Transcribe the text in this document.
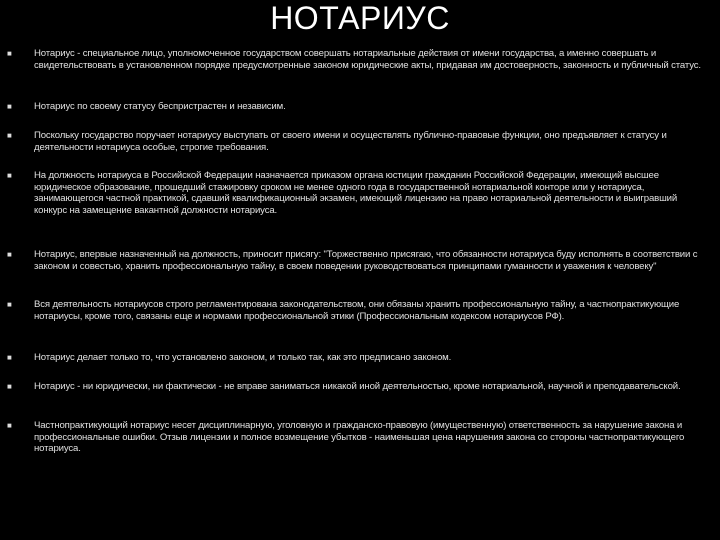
НОТАРИУС
■ Нотариус - специальное лицо, уполномоченное государством совершать нотариальные действия от имени государства, а именно совершать и свидетельствовать в установленном порядке предусмотренные законом юридические акты, придавая им достоверность, законность и публичный статус.
■ Нотариус по своему статусу беспристрастен и независим.
■ Поскольку государство поручает нотариусу выступать от своего имени и осуществлять публично-правовые функции, оно предъявляет к статусу и деятельности нотариуса особые, строгие требования.
■ На должность нотариуса в Российской Федерации назначается приказом органа юстиции гражданин Российской Федерации, имеющий высшее юридическое образование, прошедший стажировку сроком не менее одного года в государственной нотариальной конторе или у нотариуса, занимающегося частной практикой, сдавший квалификационный экзамен, имеющий лицензию на право нотариальной деятельности и выигравший конкурс на замещение вакантной должности нотариуса.
■ Нотариус, впервые назначенный на должность, приносит присягу: "Торжественно присягаю, что обязанности нотариуса буду исполнять в соответствии с законом и совестью, хранить профессиональную тайну, в своем поведении руководствоваться принципами гуманности и уважения к человеку"
■ Вся деятельность нотариусов строго регламентирована законодательством, они обязаны хранить профессиональную тайну, а частнопрактикующие нотариусы, кроме того, связаны еще и нормами профессиональной этики (Профессиональным кодексом нотариусов РФ).
■ Нотариус делает только то, что установлено законом, и только так, как это предписано законом.
■ Нотариус - ни юридически, ни фактически - не вправе заниматься никакой иной деятельностью, кроме нотариальной, научной и преподавательской.
■ Частнопрактикующий нотариус несет дисциплинарную, уголовную и гражданско-правовую (имущественную) ответственность за нарушение закона и профессиональные ошибки. Отзыв лицензии и полное возмещение убытков - наименьшая цена нарушения закона со стороны частнопрактикующего нотариуса.
